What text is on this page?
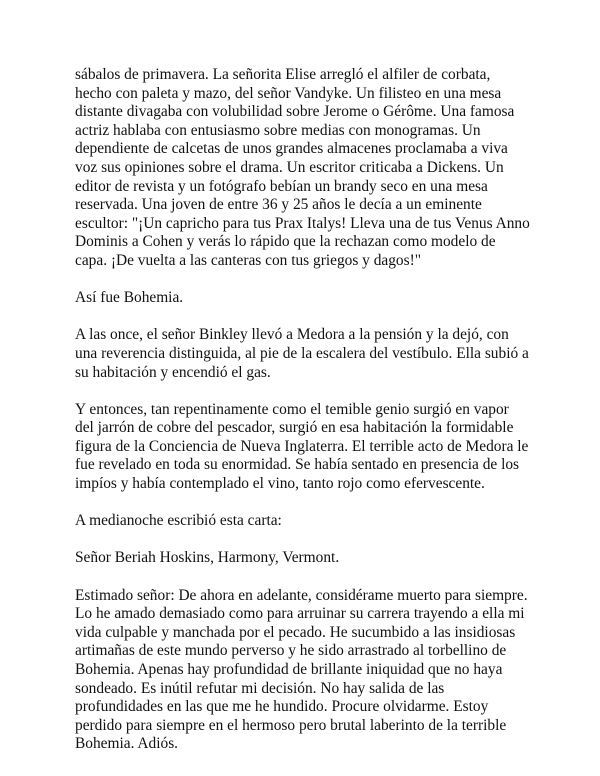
sábalos de primavera. La señorita Elise arregló el alfiler de corbata, hecho con paleta y mazo, del señor Vandyke. Un filisteo en una mesa distante divagaba con volubilidad sobre Jerome o Gérôme. Una famosa actriz hablaba con entusiasmo sobre medias con monogramas. Un dependiente de calcetas de unos grandes almacenes proclamaba a viva voz sus opiniones sobre el drama. Un escritor criticaba a Dickens. Un editor de revista y un fotógrafo bebían un brandy seco en una mesa reservada. Una joven de entre 36 y 25 años le decía a un eminente escultor: "¡Un capricho para tus Prax Italys! Lleva una de tus Venus Anno Dominis a Cohen y verás lo rápido que la rechazan como modelo de capa. ¡De vuelta a las canteras con tus griegos y dagos!"

Así fue Bohemia.

A las once, el señor Binkley llevó a Medora a la pensión y la dejó, con una reverencia distinguida, al pie de la escalera del vestíbulo. Ella subió a su habitación y encendió el gas.

Y entonces, tan repentinamente como el temible genio surgió en vapor del jarrón de cobre del pescador, surgió en esa habitación la formidable figura de la Conciencia de Nueva Inglaterra. El terrible acto de Medora le fue revelado en toda su enormidad. Se había sentado en presencia de los impíos y había contemplado el vino, tanto rojo como efervescente.

A medianoche escribió esta carta:

Señor Beriah Hoskins, Harmony, Vermont.

Estimado señor: De ahora en adelante, considérame muerto para siempre. Lo he amado demasiado como para arruinar su carrera trayendo a ella mi vida culpable y manchada por el pecado. He sucumbido a las insidiosas artimañas de este mundo perverso y he sido arrastrado al torbellino de Bohemia. Apenas hay profundidad de brillante iniquidad que no haya sondeado. Es inútil refutar mi decisión. No hay salida de las profundidades en las que me he hundido. Procure olvidarme. Estoy perdido para siempre en el hermoso pero brutal laberinto de la terrible Bohemia. Adiós.
